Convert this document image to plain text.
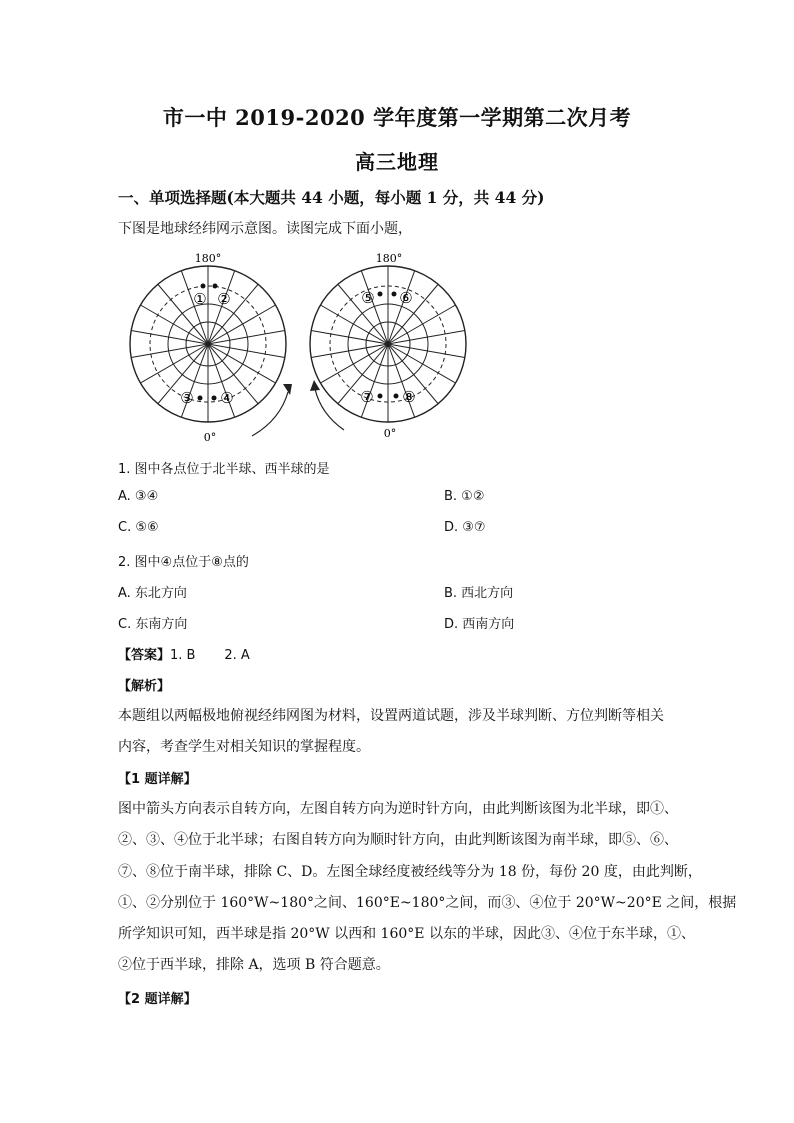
市一中 2019-2020 学年度第一学期第二次月考
高三地理
一、单项选择题(本大题共 44 小题，每小题 1 分，共 44 分)
下图是地球经纬网示意图。读图完成下面小题，
180°
0°
① ②
③ ④
180°
0°
⑤ ⑥
⑦ ⑧
1. 图中各点位于北半球、西半球的是
A. ③④	B. ①②
C. ⑤⑥	D. ③⑦
2. 图中④点位于⑧点的
A. 东北方向	B. 西北方向
C. 东南方向	D. 西南方向
【答案】1. B       2. A
【解析】
本题组以两幅极地俯视经纬网图为材料，设置两道试题，涉及半球判断、方位判断等相关
内容，考查学生对相关知识的掌握程度。
【1 题详解】
图中箭头方向表示自转方向，左图自转方向为逆时针方向，由此判断该图为北半球，即①、
②、③、④位于北半球；右图自转方向为顺时针方向，由此判断该图为南半球，即⑤、⑥、
⑦、⑧位于南半球，排除 C、D。左图全球经度被经线等分为 18 份，每份 20 度，由此判断，
①、②分别位于 160°W~180°之间、160°E~180°之间，而③、④位于 20°W~20°E 之间，根据
所学知识可知，西半球是指 20°W 以西和 160°E 以东的半球，因此③、④位于东半球，①、
②位于西半球，排除 A，选项 B 符合题意。
【2 题详解】
